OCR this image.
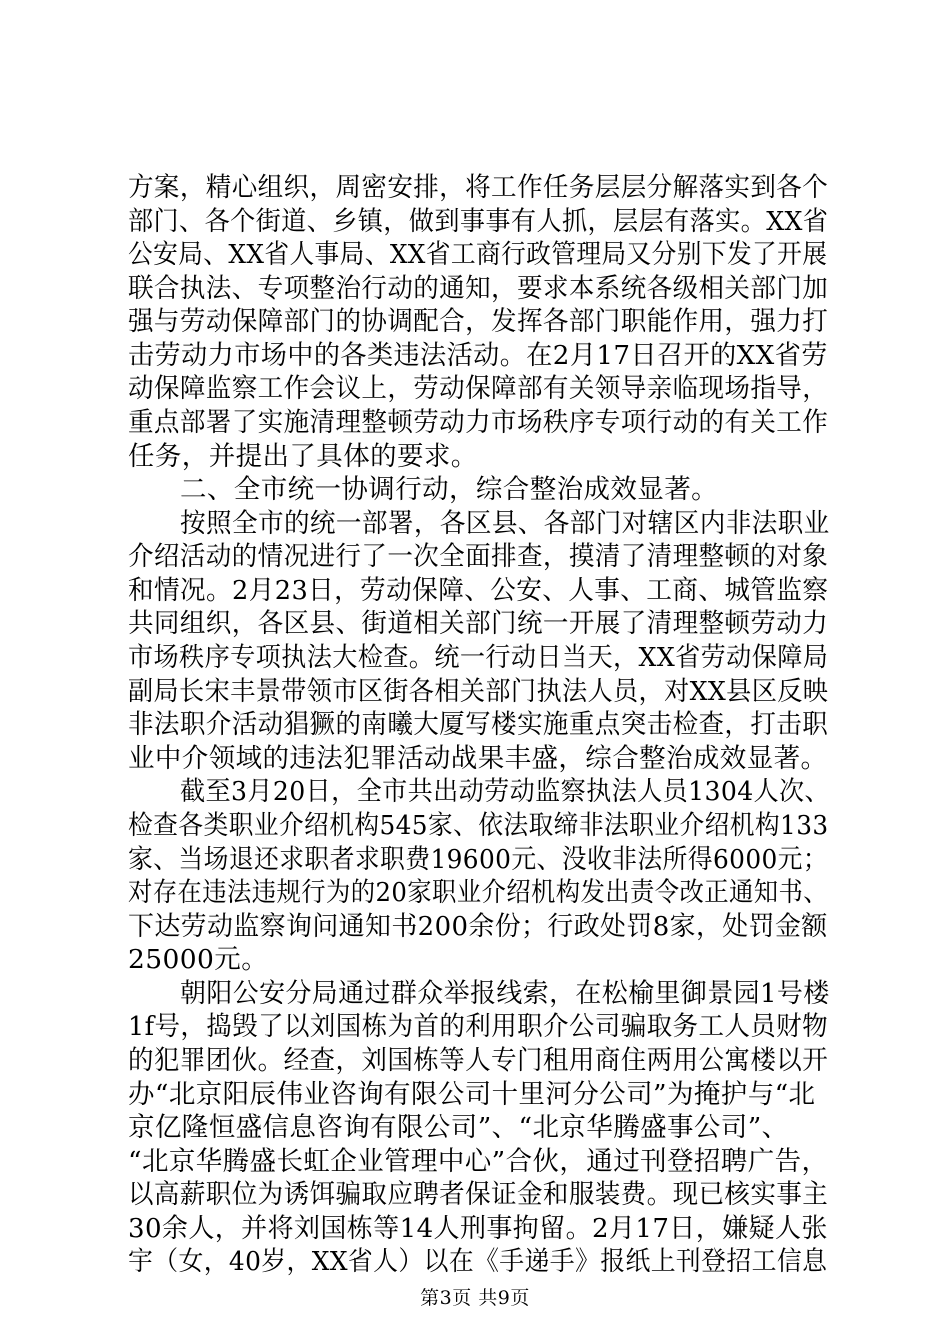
方案，精心组织，周密安排，将工作任务层层分解落实到各个
部门、各个街道、乡镇，做到事事有人抓，层层有落实。XX省
公安局、XX省人事局、XX省工商行政管理局又分别下发了开展
联合执法、专项整治行动的通知，要求本系统各级相关部门加
强与劳动保障部门的协调配合，发挥各部门职能作用，强力打
击劳动力市场中的各类违法活动。在2月17日召开的XX省劳
动保障监察工作会议上，劳动保障部有关领导亲临现场指导，
重点部署了实施清理整顿劳动力市场秩序专项行动的有关工作
任务，并提出了具体的要求。
二、全市统一协调行动，综合整治成效显著。
按照全市的统一部署，各区县、各部门对辖区内非法职业
介绍活动的情况进行了一次全面排查，摸清了清理整顿的对象
和情况。2月23日，劳动保障、公安、人事、工商、城管监察
共同组织，各区县、街道相关部门统一开展了清理整顿劳动力
市场秩序专项执法大检查。统一行动日当天，XX省劳动保障局
副局长宋丰景带领市区街各相关部门执法人员，对XX县区反映
非法职介活动猖獗的南曦大厦写楼实施重点突击检查，打击职
业中介领域的违法犯罪活动战果丰盛，综合整治成效显著。
截至3月20日，全市共出动劳动监察执法人员1304人次、
检查各类职业介绍机构545家、依法取缔非法职业介绍机构133
家、当场退还求职者求职费19600元、没收非法所得6000元；
对存在违法违规行为的20家职业介绍机构发出责令改正通知书、
下达劳动监察询问通知书200余份；行政处罚8家，处罚金额
25000元。
朝阳公安分局通过群众举报线索，在松榆里御景园1号楼
1f号，捣毁了以刘国栋为首的利用职介公司骗取务工人员财物
的犯罪团伙。经查，刘国栋等人专门租用商住两用公寓楼以开
办“北京阳辰伟业咨询有限公司十里河分公司”为掩护与“北
京亿隆恒盛信息咨询有限公司”、“北京华腾盛事公司”、
“北京华腾盛长虹企业管理中心”合伙，通过刊登招聘广告，
以高薪职位为诱饵骗取应聘者保证金和服装费。现已核实事主
30余人，并将刘国栋等14人刑事拘留。2月17日，嫌疑人张
宇（女，40岁，XX省人）以在《手递手》报纸上刊登招工信息
第3页 共9页
